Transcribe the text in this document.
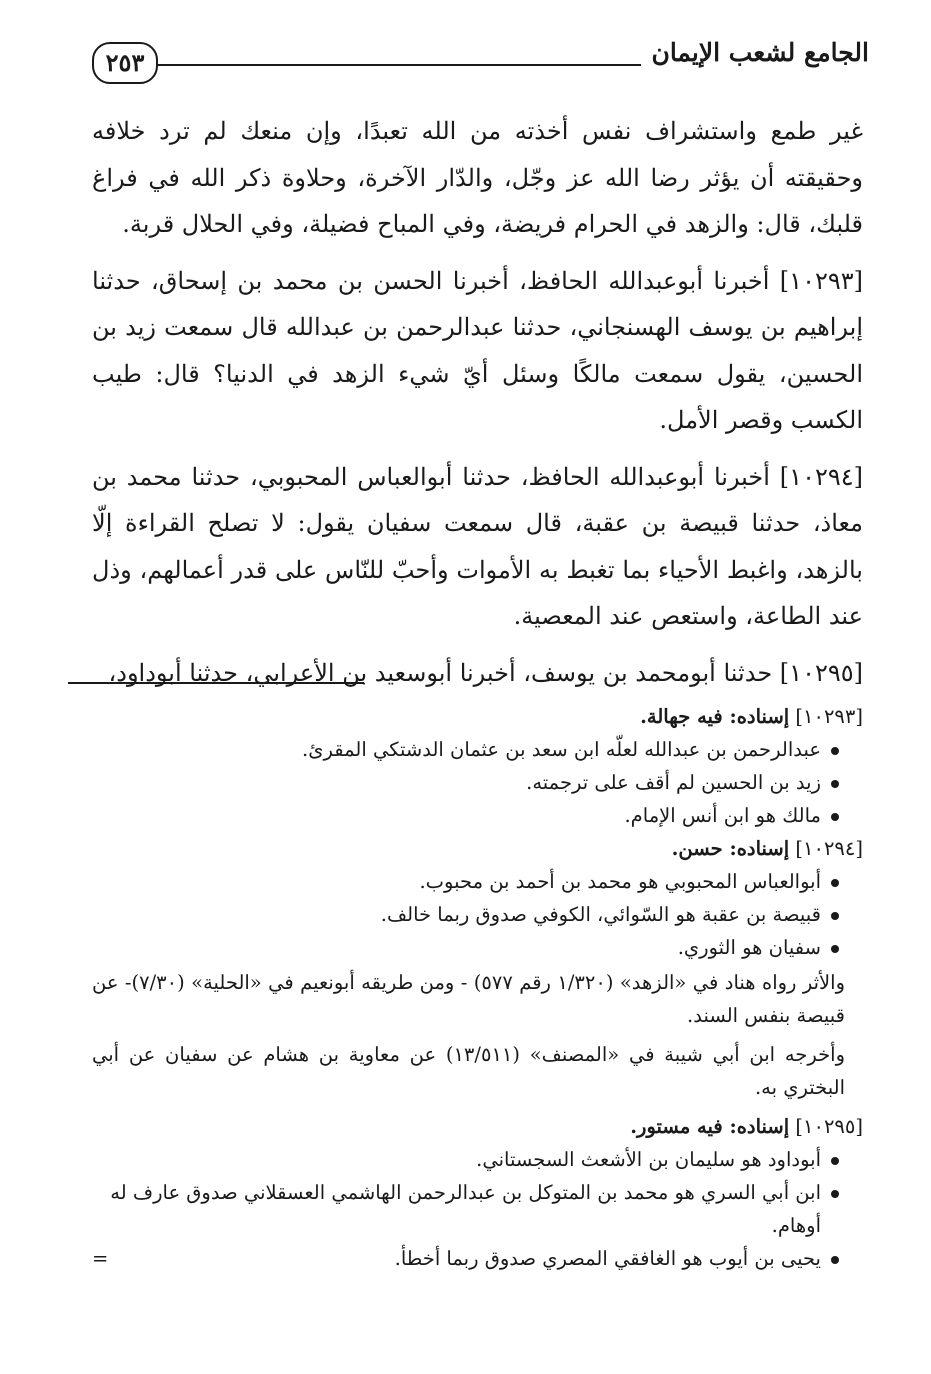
الجامع لشعب الإيمان
٢٥٣

غير طمع واستشراف نفس أخذته من الله تعبدًا، وإن منعك لم ترد خلافه وحقيقته أن يؤثر رضا الله عز وجّل، والدّار الآخرة، وحلاوة ذكر الله في فراغ قلبك، قال: والزهد في الحرام فريضة، وفي المباح فضيلة، وفي الحلال قربة.

[١٠٢٩٣] أخبرنا أبوعبدالله الحافظ، أخبرنا الحسن بن محمد بن إسحاق، حدثنا إبراهيم بن يوسف الهسنجاني، حدثنا عبدالرحمن بن عبدالله قال سمعت زيد بن الحسين، يقول سمعت مالكًا وسئل أيّ شيء الزهد في الدنيا؟ قال: طيب الكسب وقصر الأمل.

[١٠٢٩٤] أخبرنا أبوعبدالله الحافظ، حدثنا أبوالعباس المحبوبي، حدثنا محمد بن معاذ، حدثنا قبيصة بن عقبة، قال سمعت سفيان يقول: لا تصلح القراءة إلّا بالزهد، واغبط الأحياء بما تغبط به الأموات وأحبّ للنّاس على قدر أعمالهم، وذل عند الطاعة، واستعص عند المعصية.

[١٠٢٩٥] حدثنا أبومحمد بن يوسف، أخبرنا أبوسعيد بن الأعرابي، حدثنا أبوداود،

[١٠٢٩٣] إسناده: فيه جهالة.

عبدالرحمن بن عبدالله لعلّه ابن سعد بن عثمان الدشتكي المقرئ.
زيد بن الحسين لم أقف على ترجمته.
مالك هو ابن أنس الإمام.

[١٠٢٩٤] إسناده: حسن.

أبوالعباس المحبوبي هو محمد بن أحمد بن محبوب.
قبيصة بن عقبة هو السّوائي، الكوفي صدوق ربما خالف.
سفيان هو الثوري.

والأثر رواه هناد في «الزهد» (١/٣٢٠ رقم ٥٧٧) - ومن طريقه أبونعيم في «الحلية» (٧/٣٠)- عن قبيصة بنفس السند.

وأخرجه ابن أبي شيبة في «المصنف» (١٣/٥١١) عن معاوية بن هشام عن سفيان عن أبي البختري به.

[١٠٢٩٥] إسناده: فيه مستور.

أبوداود هو سليمان بن الأشعث السجستاني.
ابن أبي السري هو محمد بن المتوكل بن عبدالرحمن الهاشمي العسقلاني صدوق عارف له أوهام.
يحيى بن أيوب هو الغافقي المصري صدوق ربما أخطأ.
=
